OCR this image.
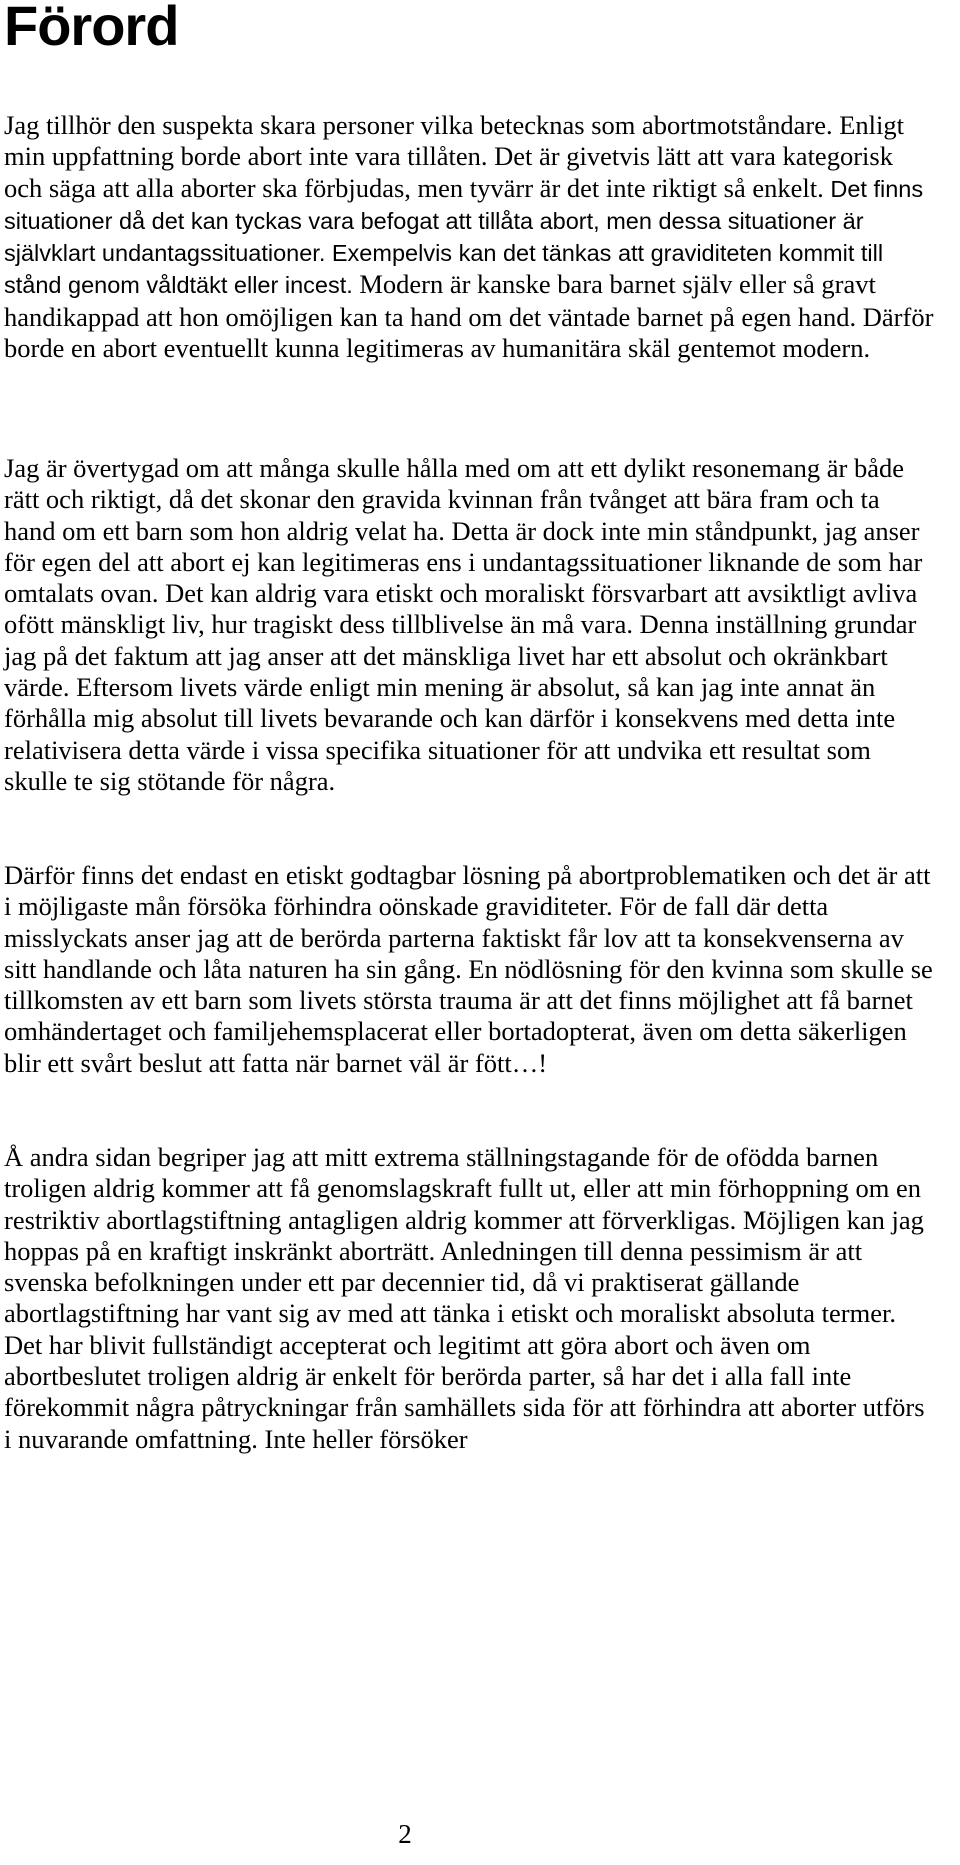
Förord

Jag tillhör den suspekta skara personer vilka betecknas som abortmotståndare. Enligt min uppfattning borde abort inte vara tillåten. Det är givetvis lätt att vara kategorisk och säga att alla aborter ska förbjudas, men tyvärr är det inte riktigt så enkelt. Det finns situationer då det kan tyckas vara befogat att tillåta abort, men dessa situationer är självklart undantagssituationer. Exempelvis kan det tänkas att graviditeten kommit till stånd genom våldtäkt eller incest. Modern är kanske bara barnet själv eller så gravt handikappad att hon omöjligen kan ta hand om det väntade barnet på egen hand. Därför borde en abort eventuellt kunna legitimeras av humanitära skäl gentemot modern.

Jag är övertygad om att många skulle hålla med om att ett dylikt resonemang är både rätt och riktigt, då det skonar den gravida kvinnan från tvånget att bära fram och ta hand om ett barn som hon aldrig velat ha. Detta är dock inte min ståndpunkt, jag anser för egen del att abort ej kan legitimeras ens i undantagssituationer liknande de som har omtalats ovan. Det kan aldrig vara etiskt och moraliskt försvarbart att avsiktligt avliva ofött mänskligt liv, hur tragiskt dess tillblivelse än må vara. Denna inställning grundar jag på det faktum att jag anser att det mänskliga livet har ett absolut och okränkbart värde. Eftersom livets värde enligt min mening är absolut, så kan jag inte annat än förhålla mig absolut till livets bevarande och kan därför i konsekvens med detta inte relativisera detta värde i vissa specifika situationer för att undvika ett resultat som skulle te sig stötande för några.

Därför finns det endast en etiskt godtagbar lösning på abortproblematiken och det är att i möjligaste mån försöka förhindra oönskade graviditeter. För de fall där detta misslyckats anser jag att de berörda parterna faktiskt får lov att ta konsekvenserna av sitt handlande och låta naturen ha sin gång. En nödlösning för den kvinna som skulle se tillkomsten av ett barn som livets största trauma är att det finns möjlighet att få barnet omhändertaget och familjehemsplacerat eller bortadopterat, även om detta säkerligen blir ett svårt beslut att fatta när barnet väl är fött…!

Å andra sidan begriper jag att mitt extrema ställningstagande för de ofödda barnen troligen aldrig kommer att få genomslagskraft fullt ut, eller att min förhoppning om en restriktiv abortlagstiftning antagligen aldrig kommer att förverkligas. Möjligen kan jag hoppas på en kraftigt inskränkt aborträtt. Anledningen till denna pessimism är att svenska befolkningen under ett par decennier tid, då vi praktiserat gällande abortlagstiftning har vant sig av med att tänka i etiskt och moraliskt absoluta termer. Det har blivit fullständigt accepterat och legitimt att göra abort och även om abortbeslutet troligen aldrig är enkelt för berörda parter, så har det i alla fall inte förekommit några påtryckningar från samhällets sida för att förhindra att aborter utförs i nuvarande omfattning. Inte heller försöker

2
